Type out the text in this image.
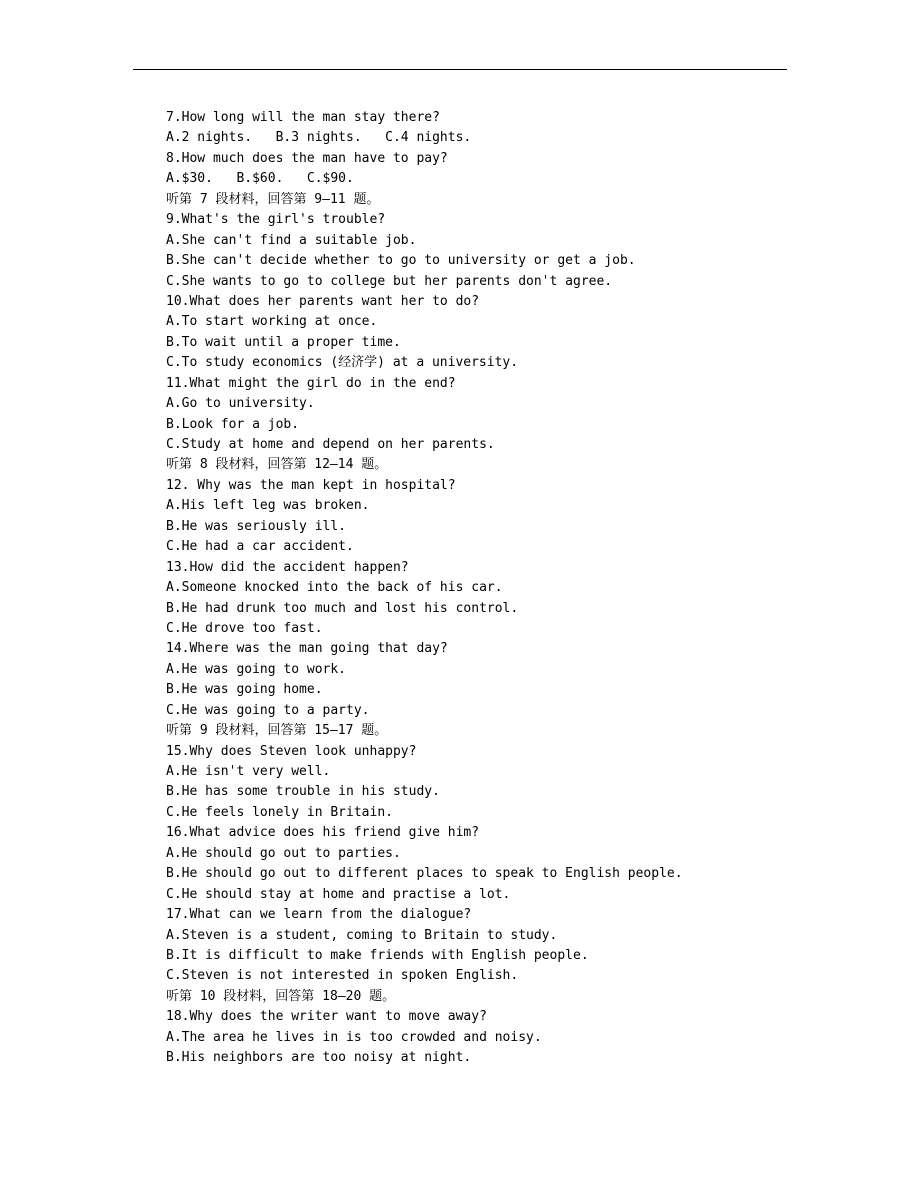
7.How long will the man stay there?
A.2 nights.   B.3 nights.   C.4 nights.
8.How much does the man have to pay?
A.$30.   B.$60.   C.$90.
听第 7 段材料，回答第 9—11 题。
9.What's the girl's trouble?
A.She can't find a suitable job.
B.She can't decide whether to go to university or get a job.
C.She wants to go to college but her parents don't agree.
10.What does her parents want her to do?
A.To start working at once.
B.To wait until a proper time.
C.To study economics (经济学) at a university.
11.What might the girl do in the end?
A.Go to university.
B.Look for a job.
C.Study at home and depend on her parents.
听第 8 段材料，回答第 12—14 题。
12. Why was the man kept in hospital?
A.His left leg was broken.
B.He was seriously ill.
C.He had a car accident.
13.How did the accident happen?
A.Someone knocked into the back of his car.
B.He had drunk too much and lost his control.
C.He drove too fast.
14.Where was the man going that day?
A.He was going to work.
B.He was going home.
C.He was going to a party.
听第 9 段材料，回答第 15—17 题。
15.Why does Steven look unhappy?
A.He isn't very well.
B.He has some trouble in his study.
C.He feels lonely in Britain.
16.What advice does his friend give him?
A.He should go out to parties.
B.He should go out to different places to speak to English people.
C.He should stay at home and practise a lot.
17.What can we learn from the dialogue?
A.Steven is a student, coming to Britain to study.
B.It is difficult to make friends with English people.
C.Steven is not interested in spoken English.
听第 10 段材料，回答第 18—20 题。
18.Why does the writer want to move away?
A.The area he lives in is too crowded and noisy.
B.His neighbors are too noisy at night.
